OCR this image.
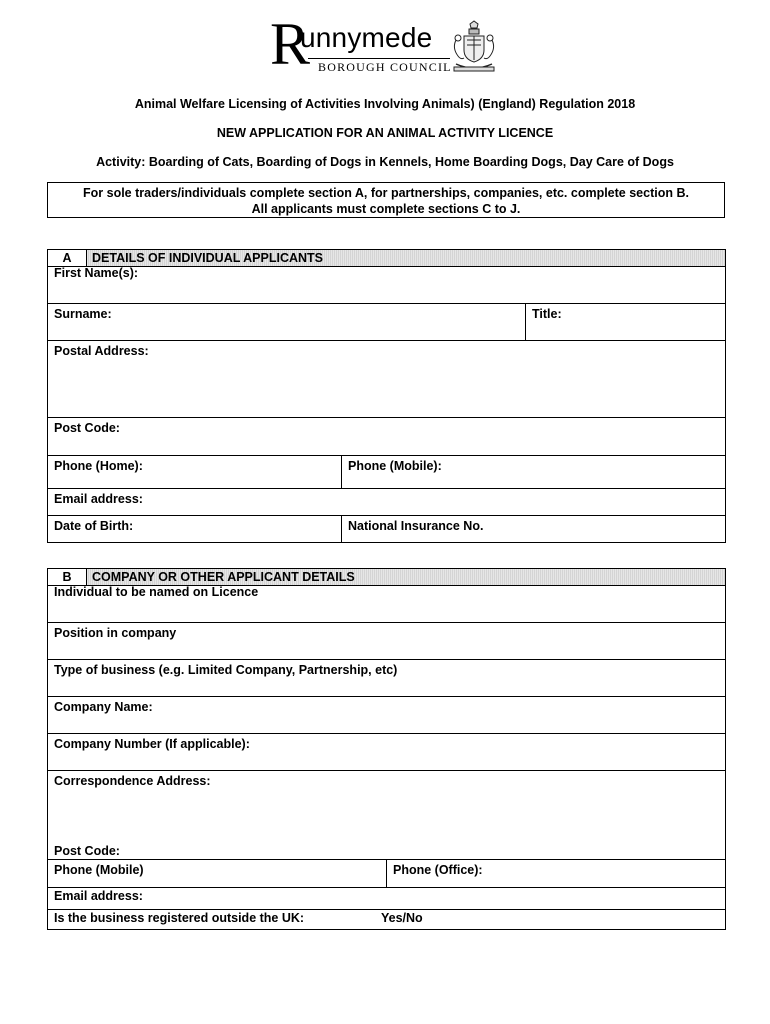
R
unnymede
BOROUGH COUNCIL
Animal Welfare Licensing of Activities Involving Animals) (England) Regulation 2018
NEW APPLICATION FOR AN ANIMAL ACTIVITY LICENCE
Activity: Boarding of Cats, Boarding of Dogs in Kennels, Home Boarding Dogs, Day Care of Dogs
For sole traders/individuals complete section A, for partnerships, companies, etc. complete section B.
All applicants must complete sections C to J.
A	DETAILS OF INDIVIDUAL APPLICANTS
First Name(s):
Surname:	Title:
Postal Address:
Post Code:
Phone (Home):	Phone (Mobile):
Email address:
Date of Birth:	National Insurance No.
B	COMPANY OR OTHER APPLICANT DETAILS
Individual to be named on Licence
Position in company
Type of business (e.g. Limited Company, Partnership, etc)
Company Name:
Company Number (If applicable):
Correspondence Address:
Post Code:
Phone (Mobile)	Phone (Office):
Email address:
Is the business registered outside the UK:	Yes/No
